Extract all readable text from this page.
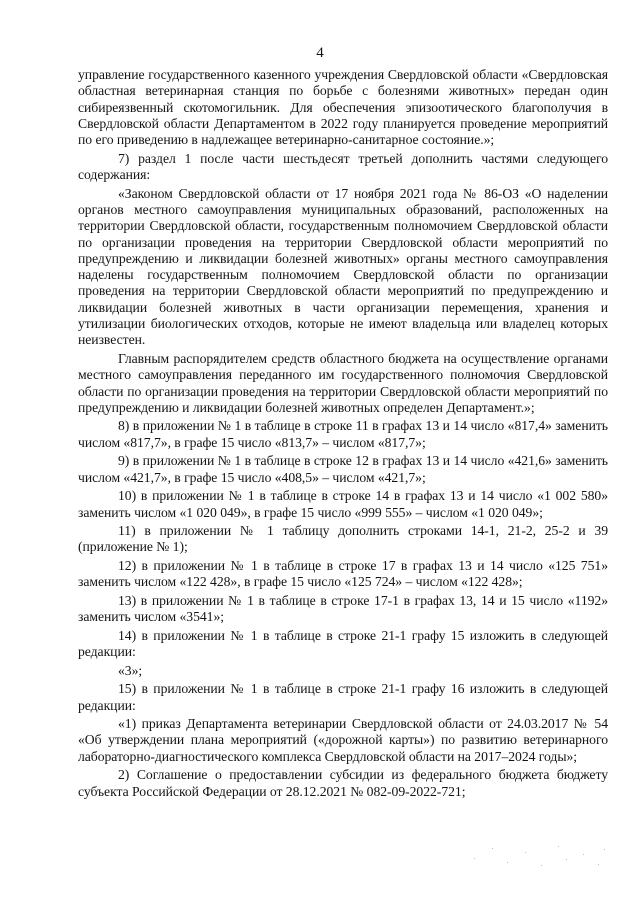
4

управление государственного казенного учреждения Свердловской области «Свердловская областная ветеринарная станция по борьбе с болезнями животных» передан один сибиреязвенный скотомогильник. Для обеспечения эпизоотического благополучия в Свердловской области Департаментом в 2022 году планируется проведение мероприятий по его приведению в надлежащее ветеринарно-санитарное состояние.»;

7) раздел 1 после части шестьдесят третьей дополнить частями следующего содержания:

«Законом Свердловской области от 17 ноября 2021 года № 86-ОЗ «О наделении органов местного самоуправления муниципальных образований, расположенных на территории Свердловской области, государственным полномочием Свердловской области по организации проведения на территории Свердловской области мероприятий по предупреждению и ликвидации болезней животных» органы местного самоуправления наделены государственным полномочием Свердловской области по организации проведения на территории Свердловской области мероприятий по предупреждению и ликвидации болезней животных в части организации перемещения, хранения и утилизации биологических отходов, которые не имеют владельца или владелец которых неизвестен.

Главным распорядителем средств областного бюджета на осуществление органами местного самоуправления переданного им государственного полномочия Свердловской области по организации проведения на территории Свердловской области мероприятий по предупреждению и ликвидации болезней животных определен Департамент.»;

8) в приложении № 1 в таблице в строке 11 в графах 13 и 14 число «817,4» заменить числом «817,7», в графе 15 число «813,7» – числом «817,7»;

9) в приложении № 1 в таблице в строке 12 в графах 13 и 14 число «421,6» заменить числом «421,7», в графе 15 число «408,5» – числом «421,7»;

10) в приложении № 1 в таблице в строке 14 в графах 13 и 14 число «1 002 580» заменить числом «1 020 049», в графе 15 число «999 555» – числом «1 020 049»;

11) в приложении № 1 таблицу дополнить строками 14-1, 21-2, 25-2 и 39 (приложение № 1);

12) в приложении № 1 в таблице в строке 17 в графах 13 и 14 число «125 751» заменить числом «122 428», в графе 15 число «125 724» – числом «122 428»;

13) в приложении № 1 в таблице в строке 17-1 в графах 13, 14 и 15 число «1192» заменить числом «3541»;

14) в приложении № 1 в таблице в строке 21-1 графу 15 изложить в следующей редакции:

«3»;

15) в приложении № 1 в таблице в строке 21-1 графу 16 изложить в следующей редакции:

«1) приказ Департамента ветеринарии Свердловской области от 24.03.2017 № 54 «Об утверждении плана мероприятий («дорожной карты») по развитию ветеринарного лабораторно-диагностического комплекса Свердловской области на 2017–2024 годы»;

2) Соглашение о предоставлении субсидии из федерального бюджета бюджету субъекта Российской Федерации от 28.12.2021 № 082-09-2022-721;
